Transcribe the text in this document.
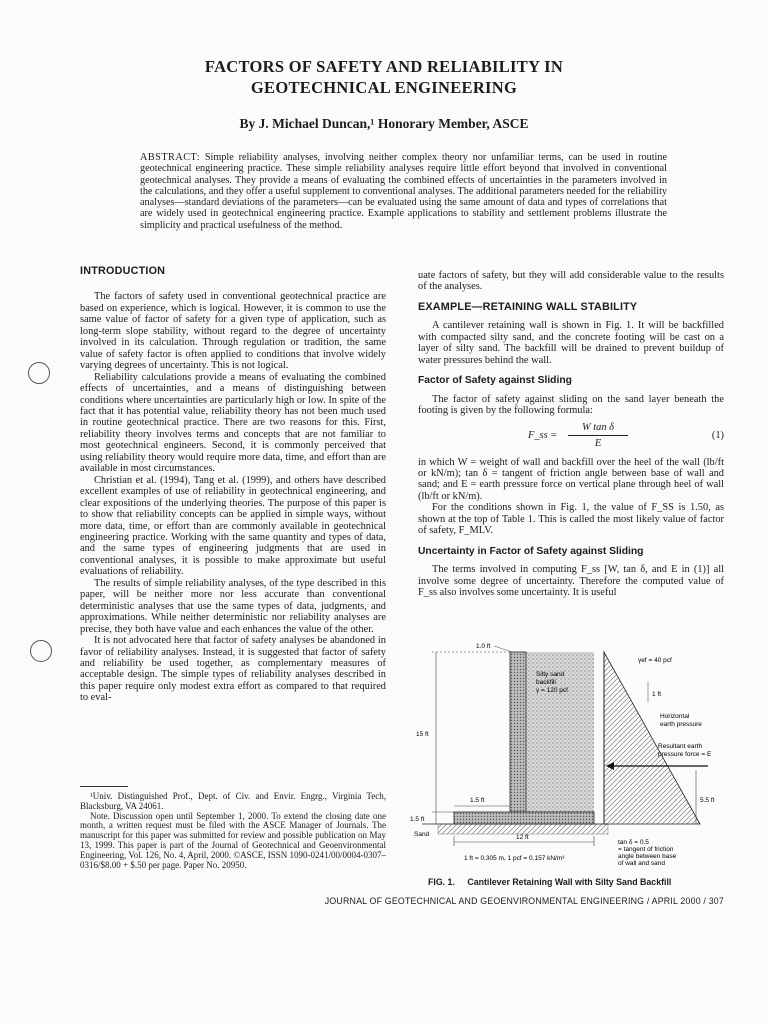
FACTORS OF SAFETY AND RELIABILITY IN
GEOTECHNICAL ENGINEERING
By J. Michael Duncan,¹ Honorary Member, ASCE
ABSTRACT: Simple reliability analyses, involving neither complex theory nor unfamiliar terms, can be used in routine geotechnical engineering practice. These simple reliability analyses require little effort beyond that involved in conventional geotechnical analyses. They provide a means of evaluating the combined effects of uncertainties in the parameters involved in the calculations, and they offer a useful supplement to conventional analyses. The additional parameters needed for the reliability analyses—standard deviations of the parameters—can be evaluated using the same amount of data and types of correlations that are widely used in geotechnical engineering practice. Example applications to stability and settlement problems illustrate the simplicity and practical usefulness of the method.
INTRODUCTION

The factors of safety used in conventional geotechnical practice are based on experience, which is logical. However, it is common to use the same value of factor of safety for a given type of application, such as long-term slope stability, without regard to the degree of uncertainty involved in its calculation. Through regulation or tradition, the same value of safety factor is often applied to conditions that involve widely varying degrees of uncertainty. This is not logical.

Reliability calculations provide a means of evaluating the combined effects of uncertainties, and a means of distinguishing between conditions where uncertainties are particularly high or low. In spite of the fact that it has potential value, reliability theory has not been much used in routine geotechnical practice. There are two reasons for this. First, reliability theory involves terms and concepts that are not familiar to most geotechnical engineers. Second, it is commonly perceived that using reliability theory would require more data, time, and effort than are available in most circumstances.

Christian et al. (1994), Tang et al. (1999), and others have described excellent examples of use of reliability in geotechnical engineering, and clear expositions of the underlying theories. The purpose of this paper is to show that reliability concepts can be applied in simple ways, without more data, time, or effort than are commonly available in geotechnical engineering practice. Working with the same quantity and types of data, and the same types of engineering judgments that are used in conventional analyses, it is possible to make approximate but useful evaluations of reliability.

The results of simple reliability analyses, of the type described in this paper, will be neither more nor less accurate than conventional deterministic analyses that use the same types of data, judgments, and approximations. While neither deterministic nor reliability analyses are precise, they both have value and each enhances the value of the other.

It is not advocated here that factor of safety analyses be abandoned in favor of reliability analyses. Instead, it is suggested that factor of safety and reliability be used together, as complementary measures of acceptable design. The simple types of reliability analyses described in this paper require only modest extra effort as compared to that required to eval-

¹Univ. Distinguished Prof., Dept. of Civ. and Envir. Engrg., Virginia Tech, Blacksburg, VA 24061.

Note. Discussion open until September 1, 2000. To extend the closing date one month, a written request must be filed with the ASCE Manager of Journals. The manuscript for this paper was submitted for review and possible publication on May 13, 1999. This paper is part of the Journal of Geotechnical and Geoenvironmental Engineering, Vol. 126, No. 4, April, 2000. ©ASCE, ISSN 1090-0241/00/0004-0307–0316/$8.00 + $.50 per page. Paper No. 20950.

uate factors of safety, but they will add considerable value to the results of the analyses.
EXAMPLE—RETAINING WALL STABILITY

A cantilever retaining wall is shown in Fig. 1. It will be backfilled with compacted silty sand, and the concrete footing will be cast on a layer of silty sand. The backfill will be drained to prevent buildup of water pressures behind the wall.

Factor of Safety against Sliding

The factor of safety against sliding on the sand layer beneath the footing is given by the following formula:

F_ss =
W tan δ
E
(1)

in which W = weight of wall and backfill over the heel of the wall (lb/ft or kN/m); tan δ = tangent of friction angle between base of wall and sand; and E = earth pressure force on vertical plane through heel of wall (lb/ft or kN/m).

For the conditions shown in Fig. 1, the value of F_SS is 1.50, as shown at the top of Table 1. This is called the most likely value of factor of safety, F_MLV.

Uncertainty in Factor of Safety against Sliding

The terms involved in computing F_ss [W, tan δ, and E in (1)] all involve some degree of uncertainty. Therefore the computed value of F_ss also involves some uncertainty. It is useful

1.0 ft
15 ft
1.5 ft
1.5 ft
12 ft
5.5 ft
1 ft
Silty sand
backfill
γ = 120 pcf
γef = 40 pcf
Horizontal
earth pressure
Resultant earth
pressure force = E
Sand
tan δ = 0.5
= tangent of friction
angle between base
of wall and sand
1 ft = 0.305 m, 1 pcf = 0.157 kN/m³
FIG. 1. Cantilever Retaining Wall with Silty Sand Backfill
JOURNAL OF GEOTECHNICAL AND GEOENVIRONMENTAL ENGINEERING / APRIL 2000 / 307
